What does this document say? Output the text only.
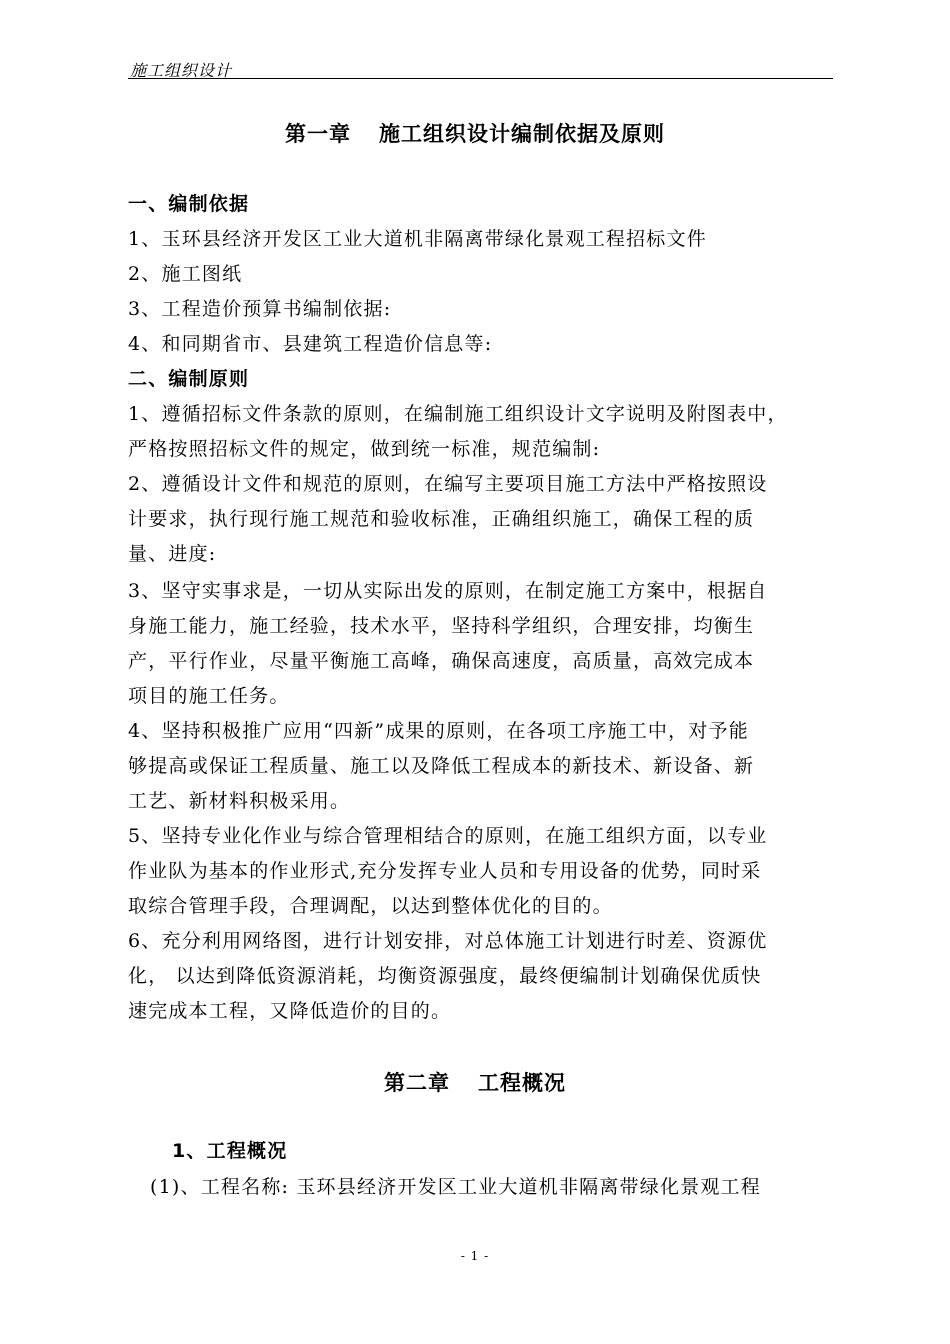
施工组织设计
第一章 施工组织设计编制依据及原则
一、编制依据
1、玉环县经济开发区工业大道机非隔离带绿化景观工程招标文件
2、施工图纸
3、工程造价预算书编制依据:
4、和同期省市、县建筑工程造价信息等:
二、编制原则
1、遵循招标文件条款的原则，在编制施工组织设计文字说明及附图表中，
严格按照招标文件的规定，做到统一标准，规范编制:
2、遵循设计文件和规范的原则，在编写主要项目施工方法中严格按照设
计要求，执行现行施工规范和验收标准，正确组织施工，确保工程的质
量、进度:
3、坚守实事求是，一切从实际出发的原则，在制定施工方案中，根据自
身施工能力，施工经验，技术水平，坚持科学组织，合理安排，均衡生
产，平行作业，尽量平衡施工高峰，确保高速度，高质量，高效完成本
项目的施工任务。
4、坚持积极推广应用“四新”成果的原则，在各项工序施工中，对予能
够提高或保证工程质量、施工以及降低工程成本的新技术、新设备、新
工艺、新材料积极采用。
5、坚持专业化作业与综合管理相结合的原则，在施工组织方面，以专业
作业队为基本的作业形式,充分发挥专业人员和专用设备的优势，同时采
取综合管理手段，合理调配，以达到整体优化的目的。
6、充分利用网络图，进行计划安排，对总体施工计划进行时差、资源优
化， 以达到降低资源消耗，均衡资源强度，最终便编制计划确保优质快
速完成本工程，又降低造价的目的。
第二章 工程概况
1、工程概况
(1)、工程名称: 玉环县经济开发区工业大道机非隔离带绿化景观工程
- 1 -
